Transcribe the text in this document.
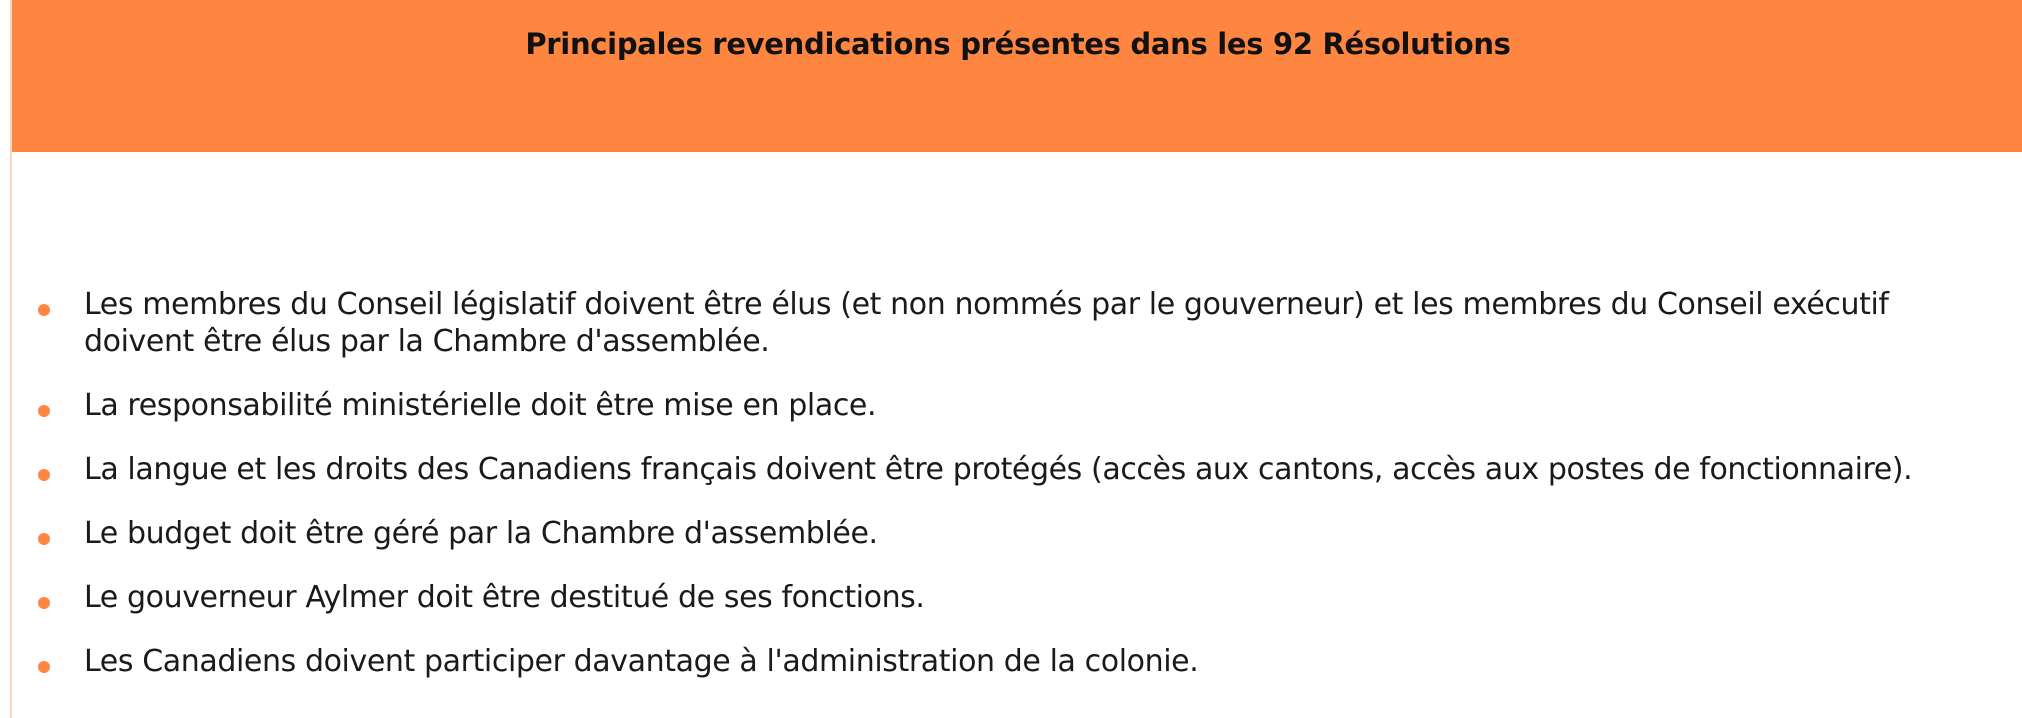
Principales revendications présentes dans les 92 Résolutions
Les membres du Conseil législatif doivent être élus (et non nommés par le gouverneur) et les membres du Conseil exécutif doivent être élus par la Chambre d'assemblée.
La responsabilité ministérielle doit être mise en place.
La langue et les droits des Canadiens français doivent être protégés (accès aux cantons, accès aux postes de fonctionnaire).
Le budget doit être géré par la Chambre d'assemblée.
Le gouverneur Aylmer doit être destitué de ses fonctions.
Les Canadiens doivent participer davantage à l'administration de la colonie.
